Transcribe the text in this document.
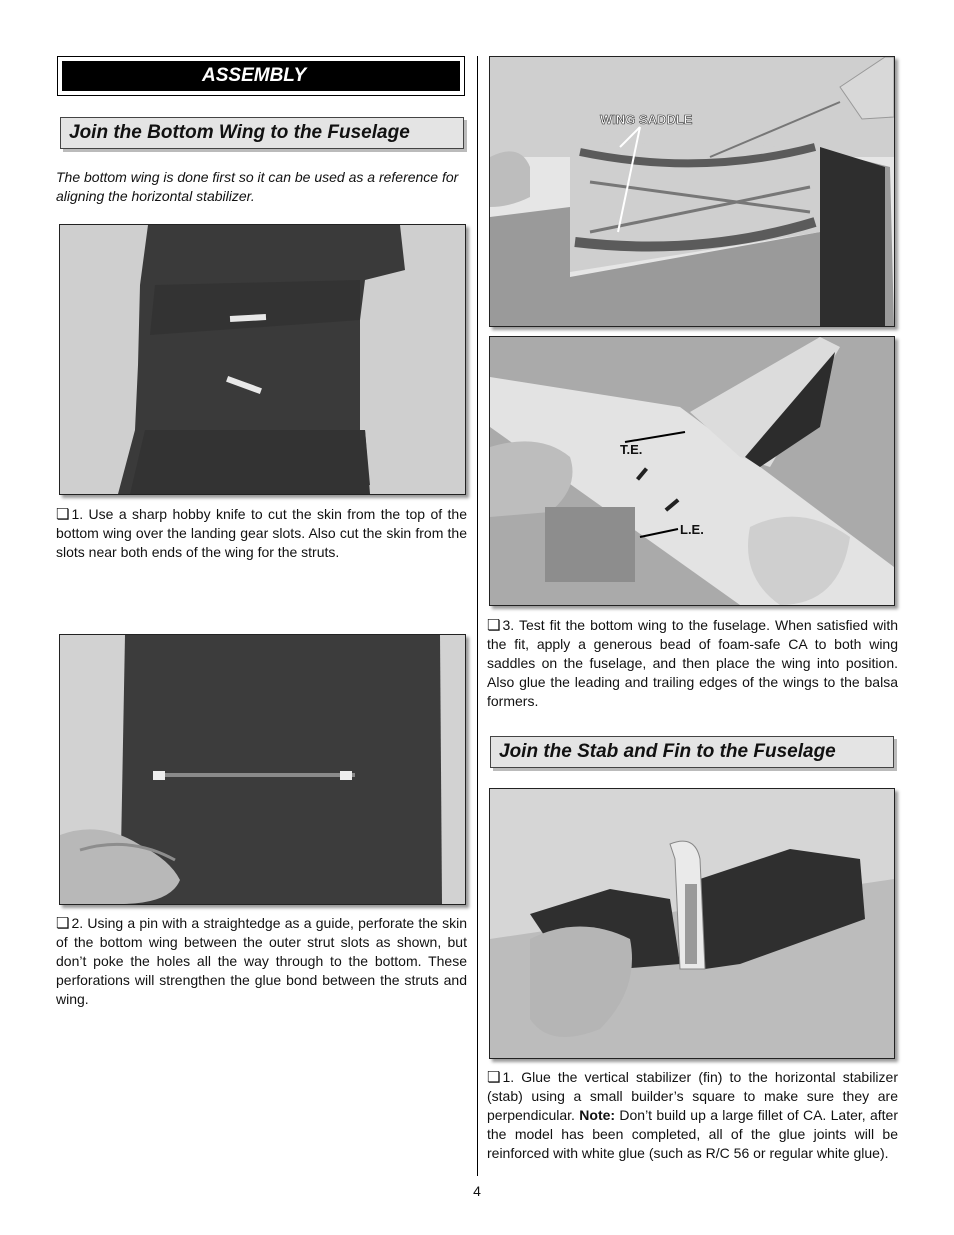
ASSEMBLY
Join the Bottom Wing to the Fuselage
The bottom wing is done first so it can be used as a reference for aligning the horizontal stabilizer.

❏ 1. Use a sharp hobby knife to cut the skin from the top of the bottom wing over the landing gear slots. Also cut the skin from the slots near both ends of the wing for the struts.

❏ 2. Using a pin with a straightedge as a guide, perforate the skin of the bottom wing between the outer strut slots as shown, but don’t poke the holes all the way through to the bottom. These perforations will strengthen the glue bond between the struts and wing.

WING SADDLE
T.E.
L.E.

❏ 3. Test fit the bottom wing to the fuselage. When satisfied with the fit, apply a generous bead of foam-safe CA to both wing saddles on the fuselage, and then place the wing into position. Also glue the leading and trailing edges of the wings to the balsa formers.

Join the Stab and Fin to the Fuselage

❏ 1. Glue the vertical stabilizer (fin) to the horizontal stabilizer (stab) using a small builder’s square to make sure they are perpendicular. Note: Don’t build up a large fillet of CA. Later, after the model has been completed, all of the glue joints will be reinforced with white glue (such as R/C 56 or regular white glue).

4
